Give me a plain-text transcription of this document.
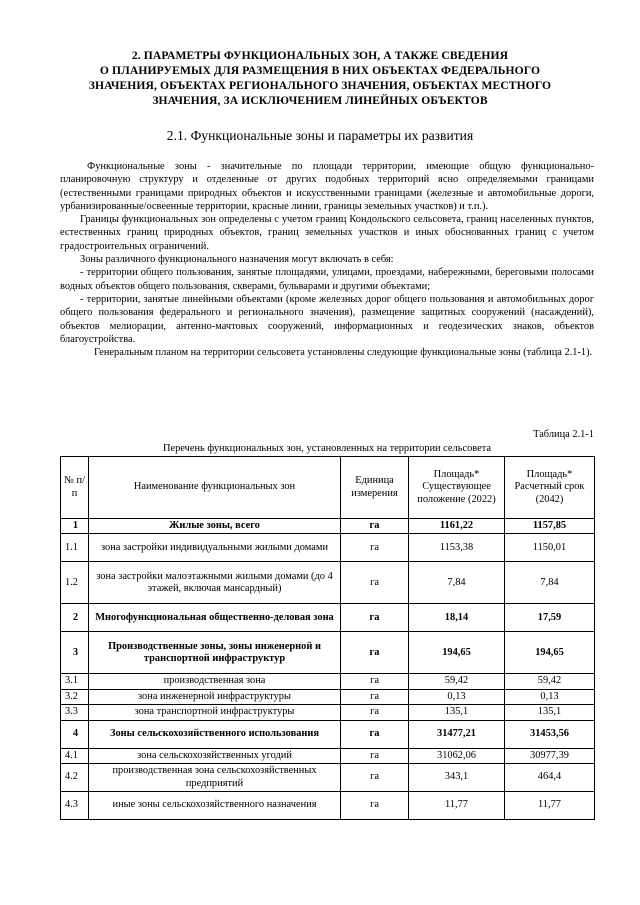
2. ПАРАМЕТРЫ ФУНКЦИОНАЛЬНЫХ ЗОН, А ТАКЖЕ СВЕДЕНИЯ
О ПЛАНИРУЕМЫХ ДЛЯ РАЗМЕЩЕНИЯ В НИХ ОБЪЕКТАХ ФЕДЕРАЛЬНОГО
ЗНАЧЕНИЯ, ОБЪЕКТАХ РЕГИОНАЛЬНОГО ЗНАЧЕНИЯ, ОБЪЕКТАХ МЕСТНОГО
ЗНАЧЕНИЯ, ЗА ИСКЛЮЧЕНИЕМ ЛИНЕЙНЫХ ОБЪЕКТОВ
2.1. Функциональные зоны и параметры их развития

Функциональные зоны - значительные по площади территории, имеющие общую функционально-планировочную структуру и отделенные от других подобных территорий ясно определяемыми границами (естественными границами природных объектов и искусственными границами (железные и автомобильные дороги, урбанизированные/освеенные территории, красные линии, границы земельных участков) и т.п.).

Границы функциональных зон определены с учетом границ Кондольского сельсовета, границ населенных пунктов, естественных границ природных объектов, границ земельных участков и иных обоснованных границ с учетом градостроительных ограничений.

Зоны различного функционального назначения могут включать в себя:

- территории общего пользования, занятые площадями, улицами, проездами, набережными, береговыми полосами водных объектов общего пользования, скверами, бульварами и другими объектами;

- территории, занятые линейными объектами (кроме железных дорог общего пользования и автомобильных дорог общего пользования федерального и регионального значения), размещение защитных сооружений (насаждений), объектов мелиорации, антенно-мачтовых сооружений, информационных и геодезических знаков, объектов благоустройства.

Генеральным планом на территории сельсовета установлены следующие функциональные зоны (таблица 2.1-1).

Таблица 2.1-1
Перечень функциональных зон, установленных на территории сельсовета
№ п/п	Наименование функциональных зон	Единица измерения	Площадь* Существующее положение (2022)	Площадь* Расчетный срок (2042)
1	Жилые зоны, всего	га	1161,22	1157,85
1.1	зона застройки индивидуальными жилыми домами	га	1153,38	1150,01
1.2	зона застройки малоэтажными жилыми домами (до 4 этажей, включая мансардный)	га	7,84	7,84
2	Многофункциональная общественно-деловая зона	га	18,14	17,59
3	Производственные зоны, зоны инженерной и транспортной инфраструктур	га	194,65	194,65
3.1	производственная зона	га	59,42	59,42
3.2	зона инженерной инфраструктуры	га	0,13	0,13
3.3	зона транспортной инфраструктуры	га	135,1	135,1
4	Зоны сельскохозяйственного использования	га	31477,21	31453,56
4.1	зона сельскохозяйственных угодий	га	31062,06	30977,39
4.2	производственная зона сельскохозяйственных предприятий	га	343,1	464,4
4.3	иные зоны сельскохозяйственного назначения	га	11,77	11,77
